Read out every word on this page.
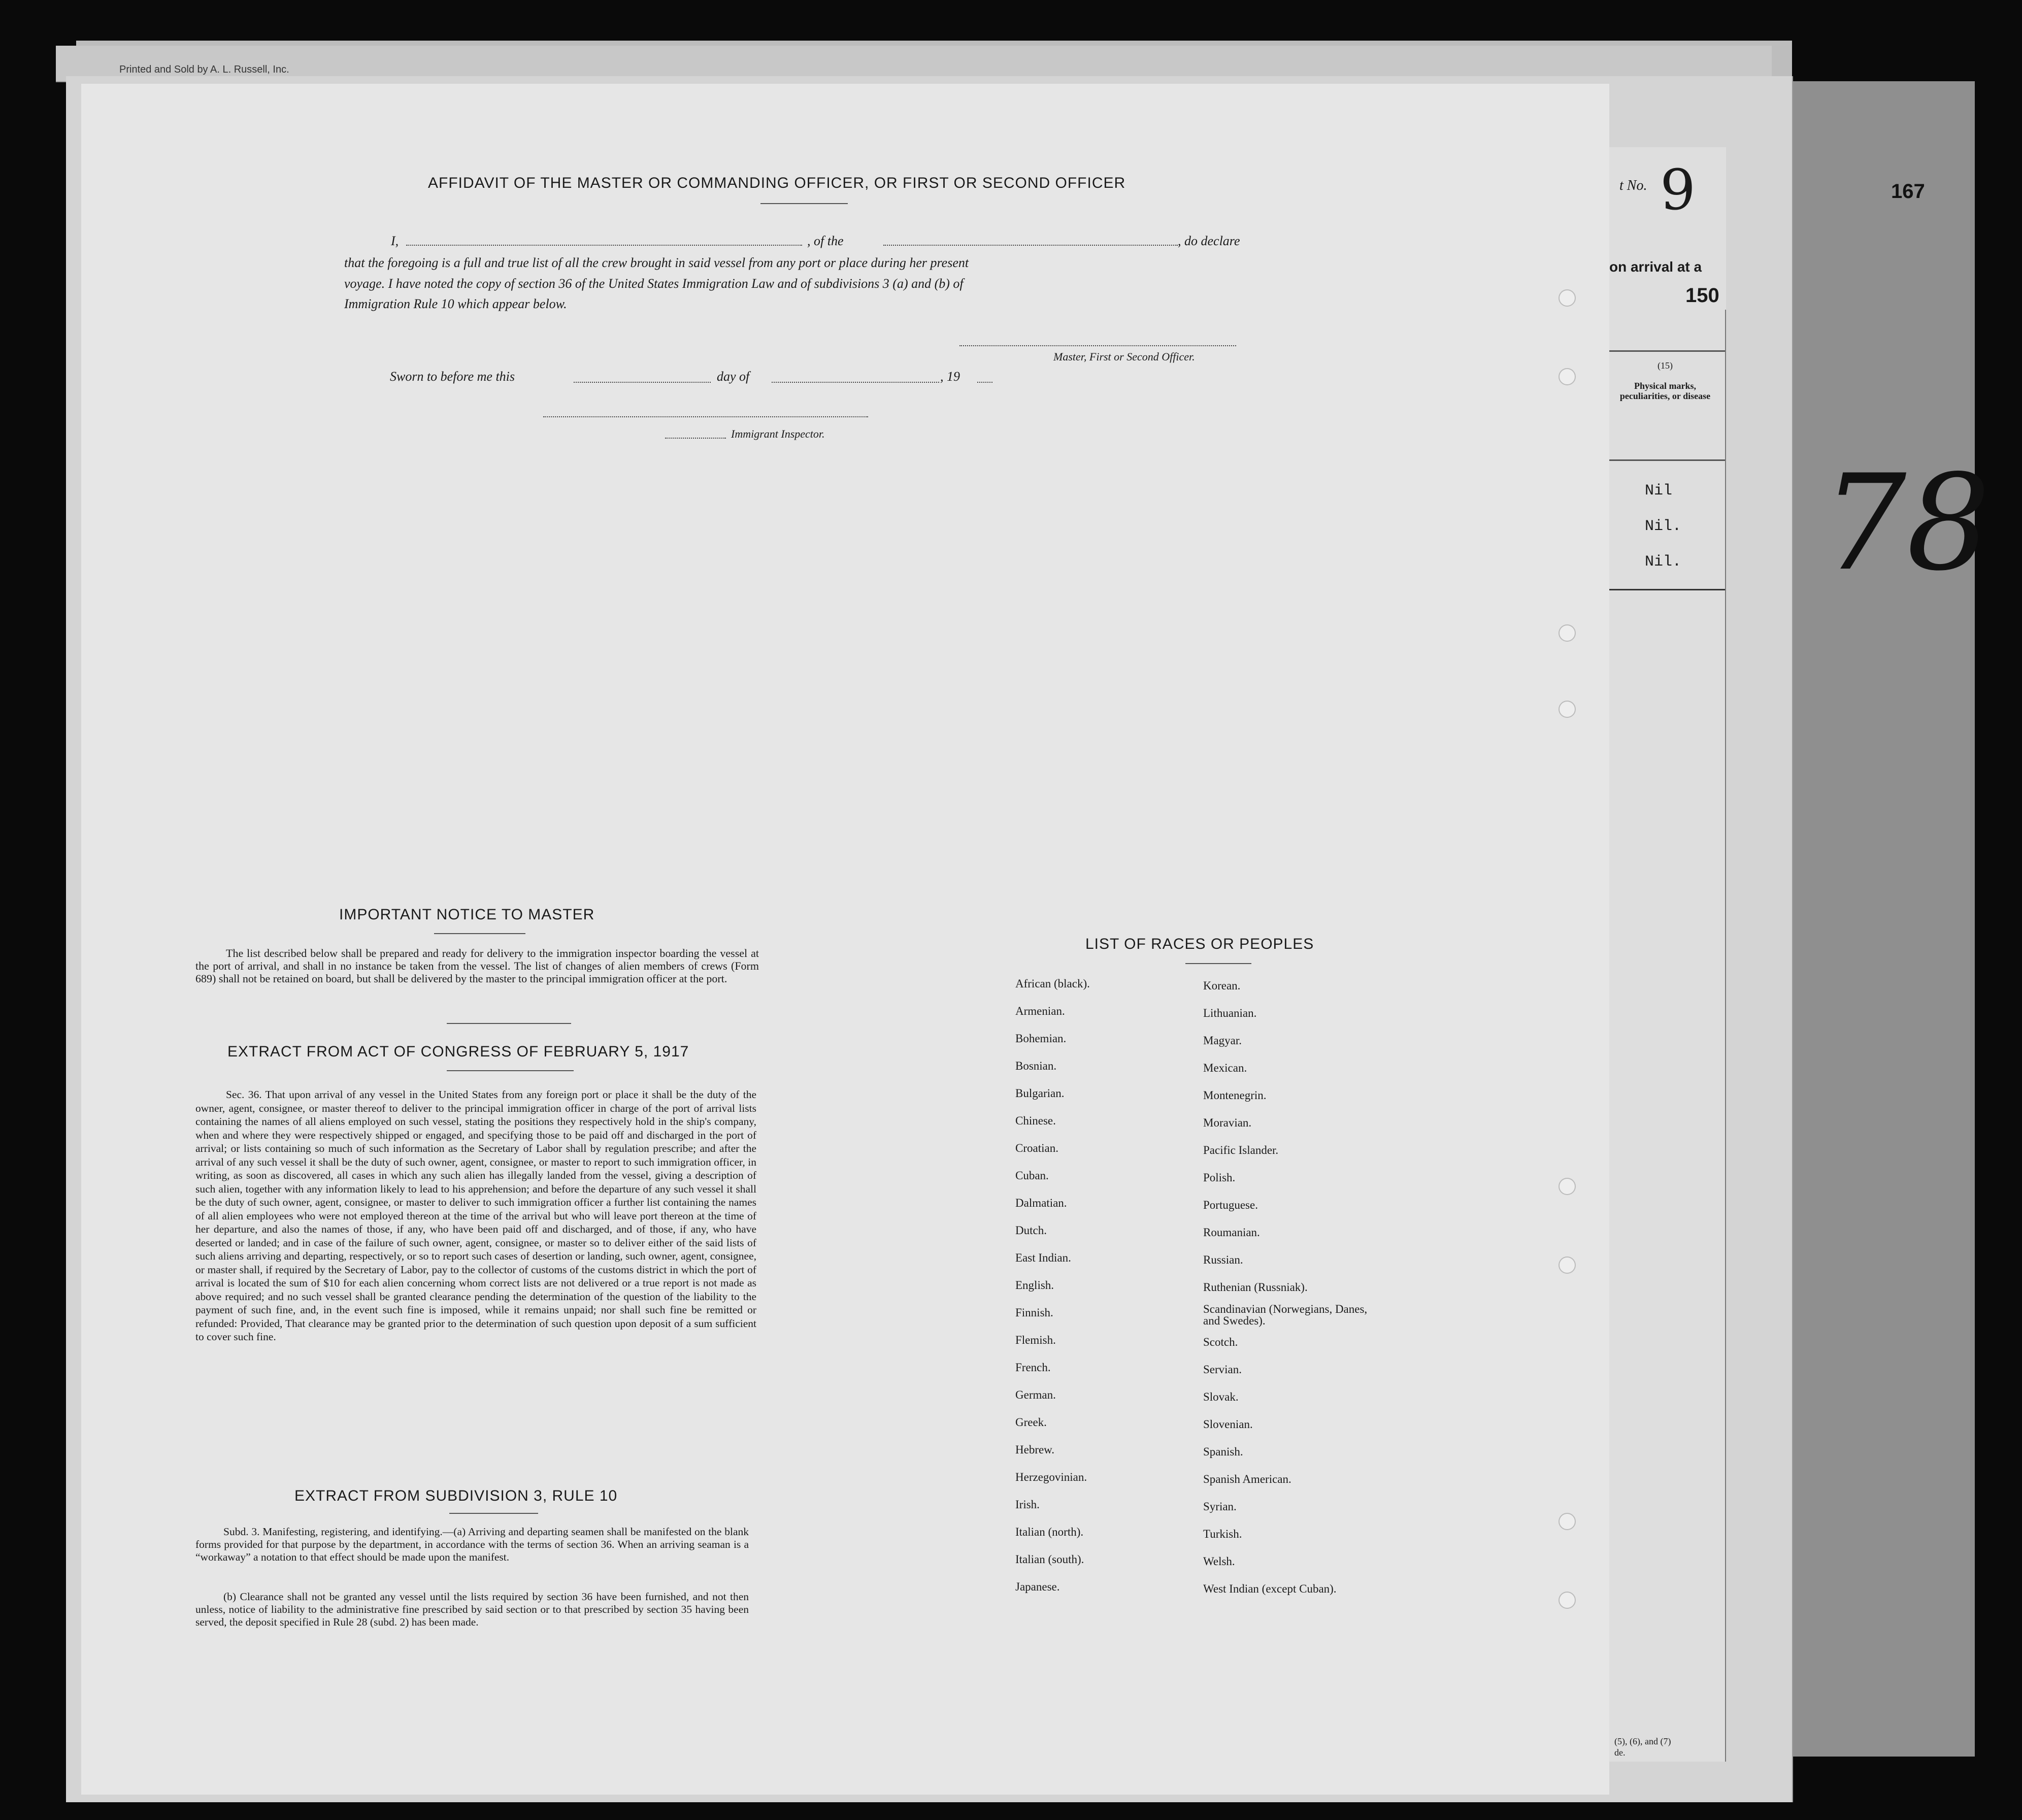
Printed and Sold by A. L. Russell, Inc.
t No. 9
on arrival at a
150
(15)
Physical marks, peculiarities, or disease
Nil
Nil.
Nil.
(5), (6), and (7)
de.
167
78
AFFIDAVIT OF THE MASTER OR COMMANDING OFFICER, OR FIRST OR SECOND OFFICER
I,	, of the	, do declare
that the foregoing is a full and true list of all the crew brought in said vessel from any port or place during her present
voyage. I have noted the copy of section 36 of the United States Immigration Law and of subdivisions 3 (a) and (b) of
Immigration Rule 10 which appear below.
Master, First or Second Officer.
Sworn to before me this	day of	, 19
Immigrant Inspector.
IMPORTANT NOTICE TO MASTER
The list described below shall be prepared and ready for delivery to the immigration inspector boarding the vessel at the port of arrival, and shall in no instance be taken from the vessel. The list of changes of alien members of crews (Form 689) shall not be retained on board, but shall be delivered by the master to the principal immigration officer at the port.
EXTRACT FROM ACT OF CONGRESS OF FEBRUARY 5, 1917
Sec. 36. That upon arrival of any vessel in the United States from any foreign port or place it shall be the duty of the owner, agent, consignee, or master thereof to deliver to the principal immigration officer in charge of the port of arrival lists containing the names of all aliens employed on such vessel, stating the positions they respectively hold in the ship's company, when and where they were respectively shipped or engaged, and specifying those to be paid off and discharged in the port of arrival; or lists containing so much of such information as the Secretary of Labor shall by regulation prescribe; and after the arrival of any such vessel it shall be the duty of such owner, agent, consignee, or master to report to such immigration officer, in writing, as soon as discovered, all cases in which any such alien has illegally landed from the vessel, giving a description of such alien, together with any information likely to lead to his apprehension; and before the departure of any such vessel it shall be the duty of such owner, agent, consignee, or master to deliver to such immigration officer a further list containing the names of all alien employees who were not employed thereon at the time of the arrival but who will leave port thereon at the time of her departure, and also the names of those, if any, who have been paid off and discharged, and of those, if any, who have deserted or landed; and in case of the failure of such owner, agent, consignee, or master so to deliver either of the said lists of such aliens arriving and departing, respectively, or so to report such cases of desertion or landing, such owner, agent, consignee, or master shall, if required by the Secretary of Labor, pay to the collector of customs of the customs district in which the port of arrival is located the sum of $10 for each alien concerning whom correct lists are not delivered or a true report is not made as above required; and no such vessel shall be granted clearance pending the determination of the question of the liability to the payment of such fine, and, in the event such fine is imposed, while it remains unpaid; nor shall such fine be remitted or refunded: Provided, That clearance may be granted prior to the determination of such question upon deposit of a sum sufficient to cover such fine.
EXTRACT FROM SUBDIVISION 3, RULE 10
Subd. 3. Manifesting, registering, and identifying.—(a) Arriving and departing seamen shall be manifested on the blank forms provided for that purpose by the department, in accordance with the terms of section 36. When an arriving seaman is a “workaway” a notation to that effect should be made upon the manifest.
(b) Clearance shall not be granted any vessel until the lists required by section 36 have been furnished, and not then unless, notice of liability to the administrative fine prescribed by said section or to that prescribed by section 35 having been served, the deposit specified in Rule 28 (subd. 2) has been made.
LIST OF RACES OR PEOPLES
African (black).
Armenian.
Bohemian.
Bosnian.
Bulgarian.
Chinese.
Croatian.
Cuban.
Dalmatian.
Dutch.
East Indian.
English.
Finnish.
Flemish.
French.
German.
Greek.
Hebrew.
Herzegovinian.
Irish.
Italian (north).
Italian (south).
Japanese.
Korean.
Lithuanian.
Magyar.
Mexican.
Montenegrin.
Moravian.
Pacific Islander.
Polish.
Portuguese.
Roumanian.
Russian.
Ruthenian (Russniak).
Scandinavian (Norwegians, Danes, and Swedes).
Scotch.
Servian.
Slovak.
Slovenian.
Spanish.
Spanish American.
Syrian.
Turkish.
Welsh.
West Indian (except Cuban).
